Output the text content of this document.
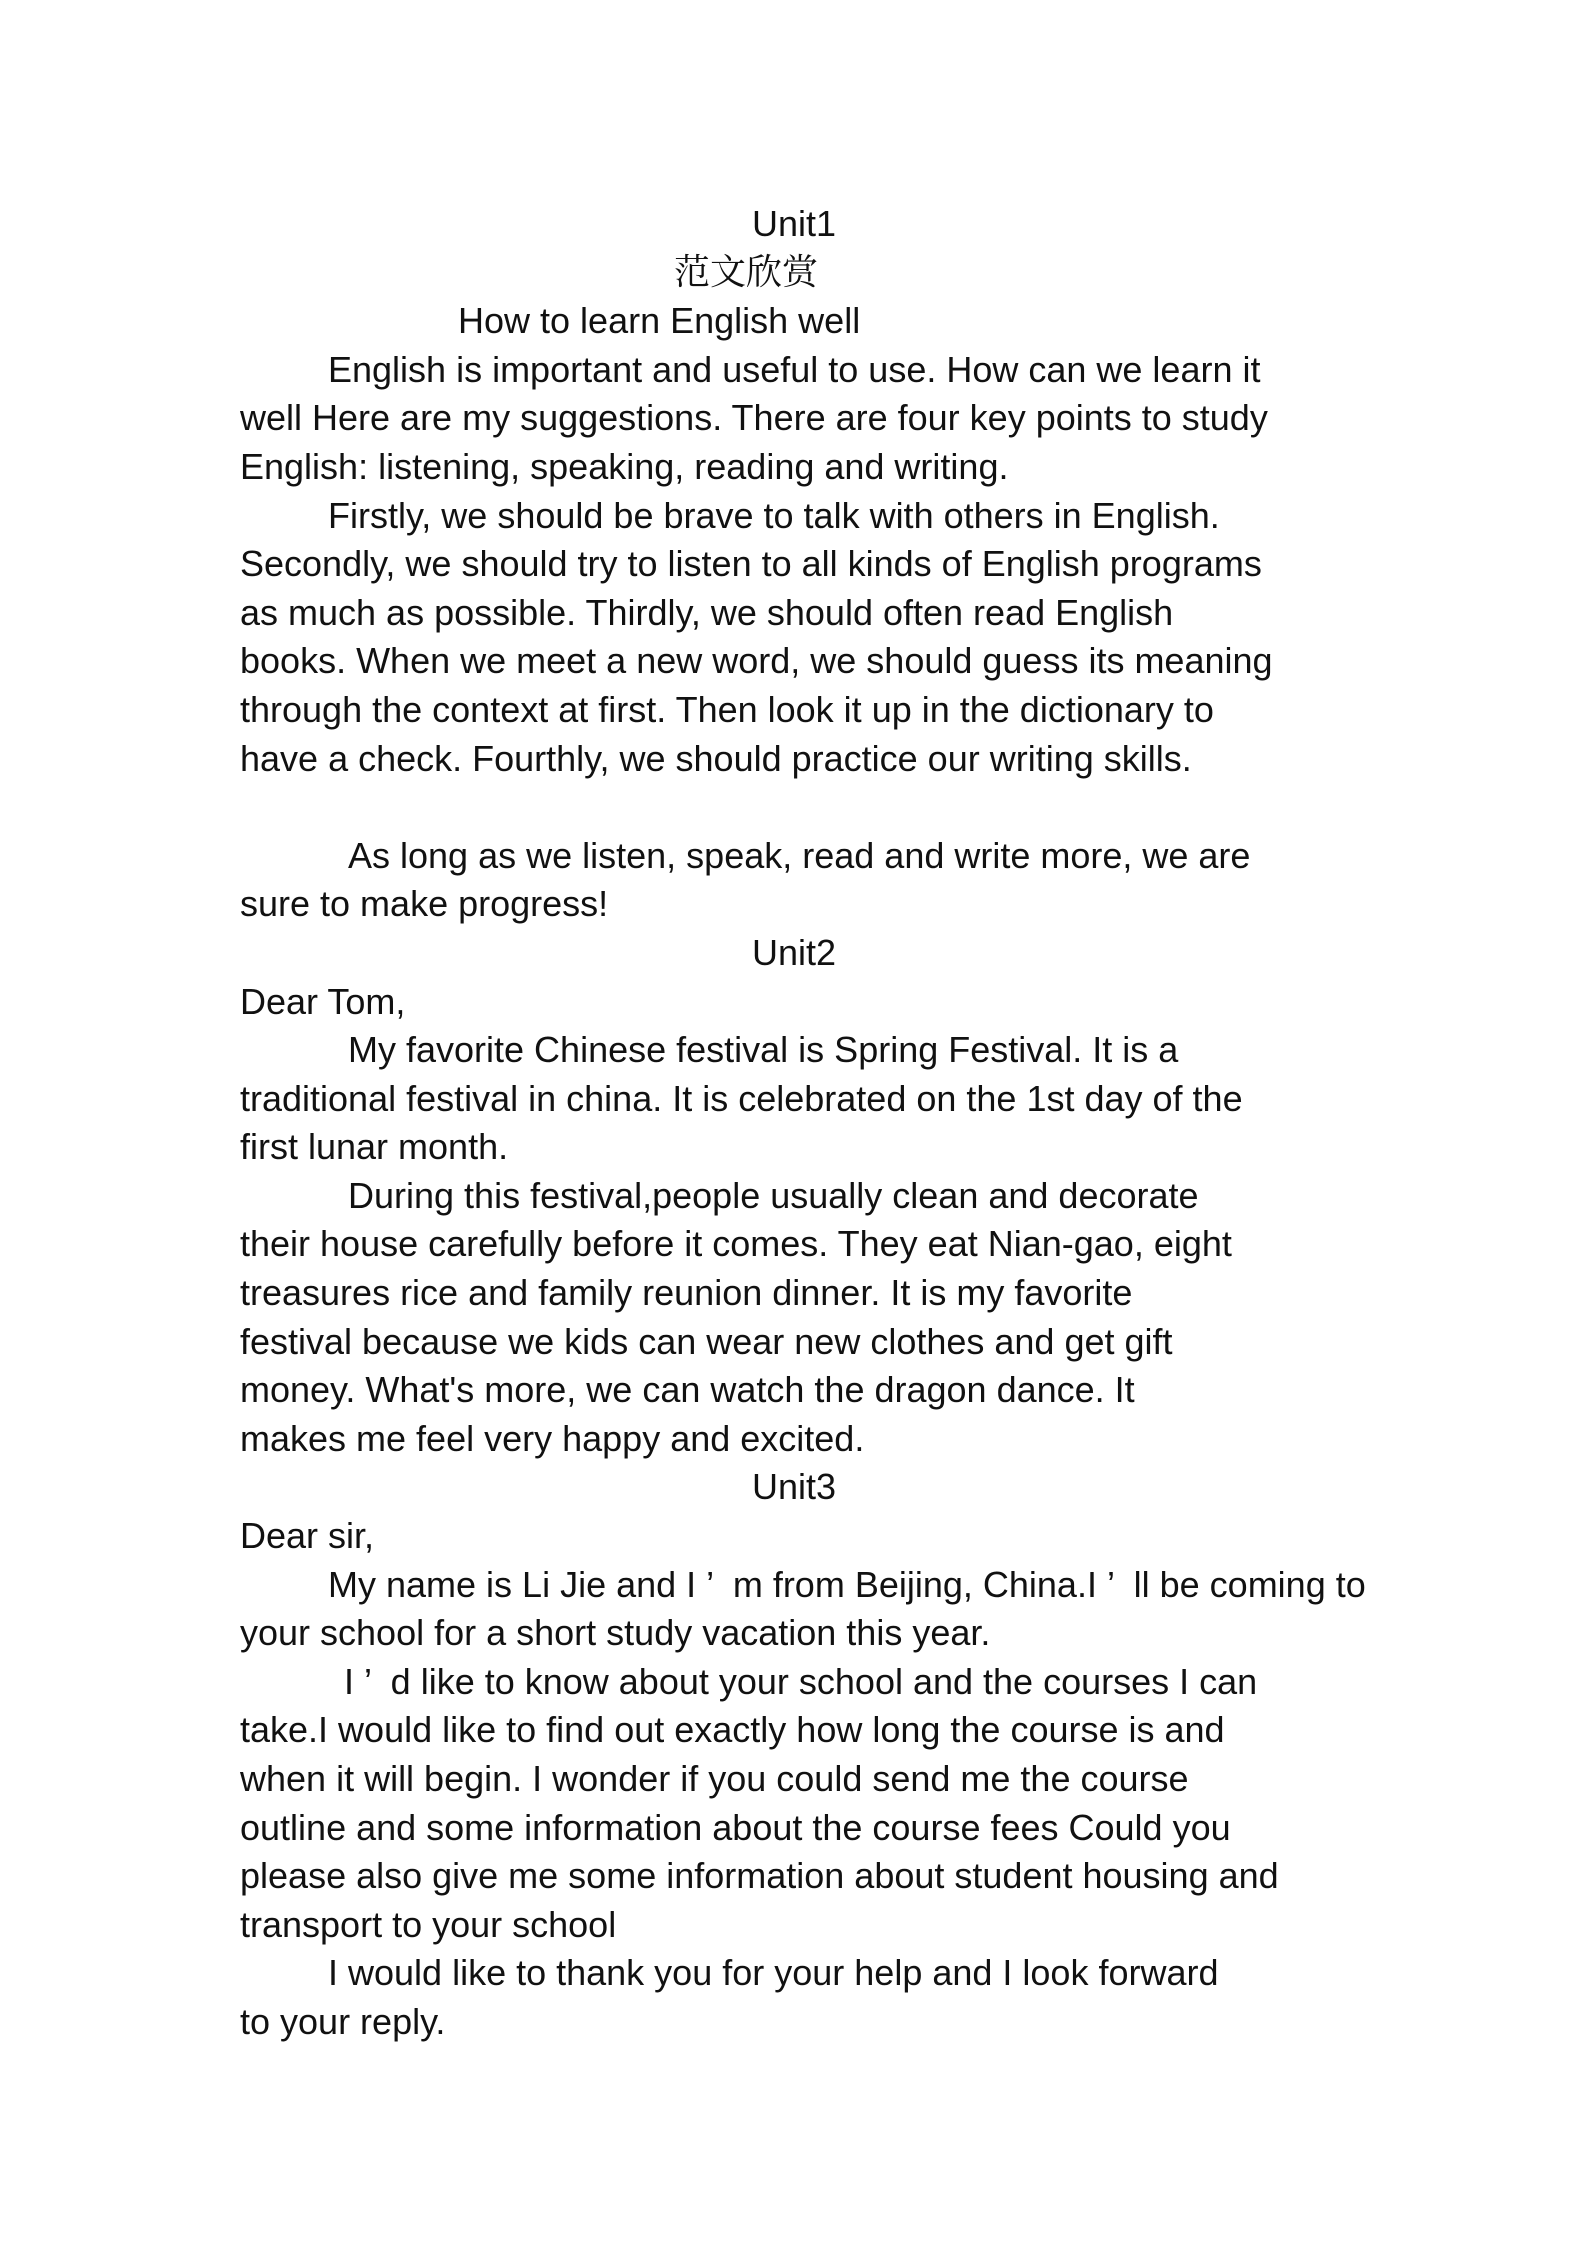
Unit1
范文欣赏
How to learn English well
English is important and useful to use. How can we learn it
well Here are my suggestions. There are four key points to study
English: listening, speaking, reading and writing.
Firstly, we should be brave to talk with others in English.
Secondly, we should try to listen to all kinds of English programs
as much as possible. Thirdly, we should often read English
books. When we meet a new word, we should guess its meaning
through the context at first. Then look it up in the dictionary to
have a check. Fourthly, we should practice our writing skills.
As long as we listen, speak, read and write more, we are
sure to make progress!
Unit2
Dear Tom,
My favorite Chinese festival is Spring Festival. It is a
traditional festival in china. It is celebrated on the 1st day of the
first lunar month.
During this festival,people usually clean and decorate
their house carefully before it comes. They eat Nian-gao, eight
treasures rice and family reunion dinner. It is my favorite
festival because we kids can wear new clothes and get gift
money. What's more, we can watch the dragon dance. It
makes me feel very happy and excited.
Unit3
Dear sir,
My name is Li Jie and I ’  m from Beijing, China.I ’  ll be coming to
your school for a short study vacation this year.
I ’  d like to know about your school and the courses I can
take.I would like to find out exactly how long the course is and
when it will begin. I wonder if you could send me the course
outline and some information about the course fees Could you
please also give me some information about student housing and
transport to your school
I would like to thank you for your help and I look forward
to your reply.
